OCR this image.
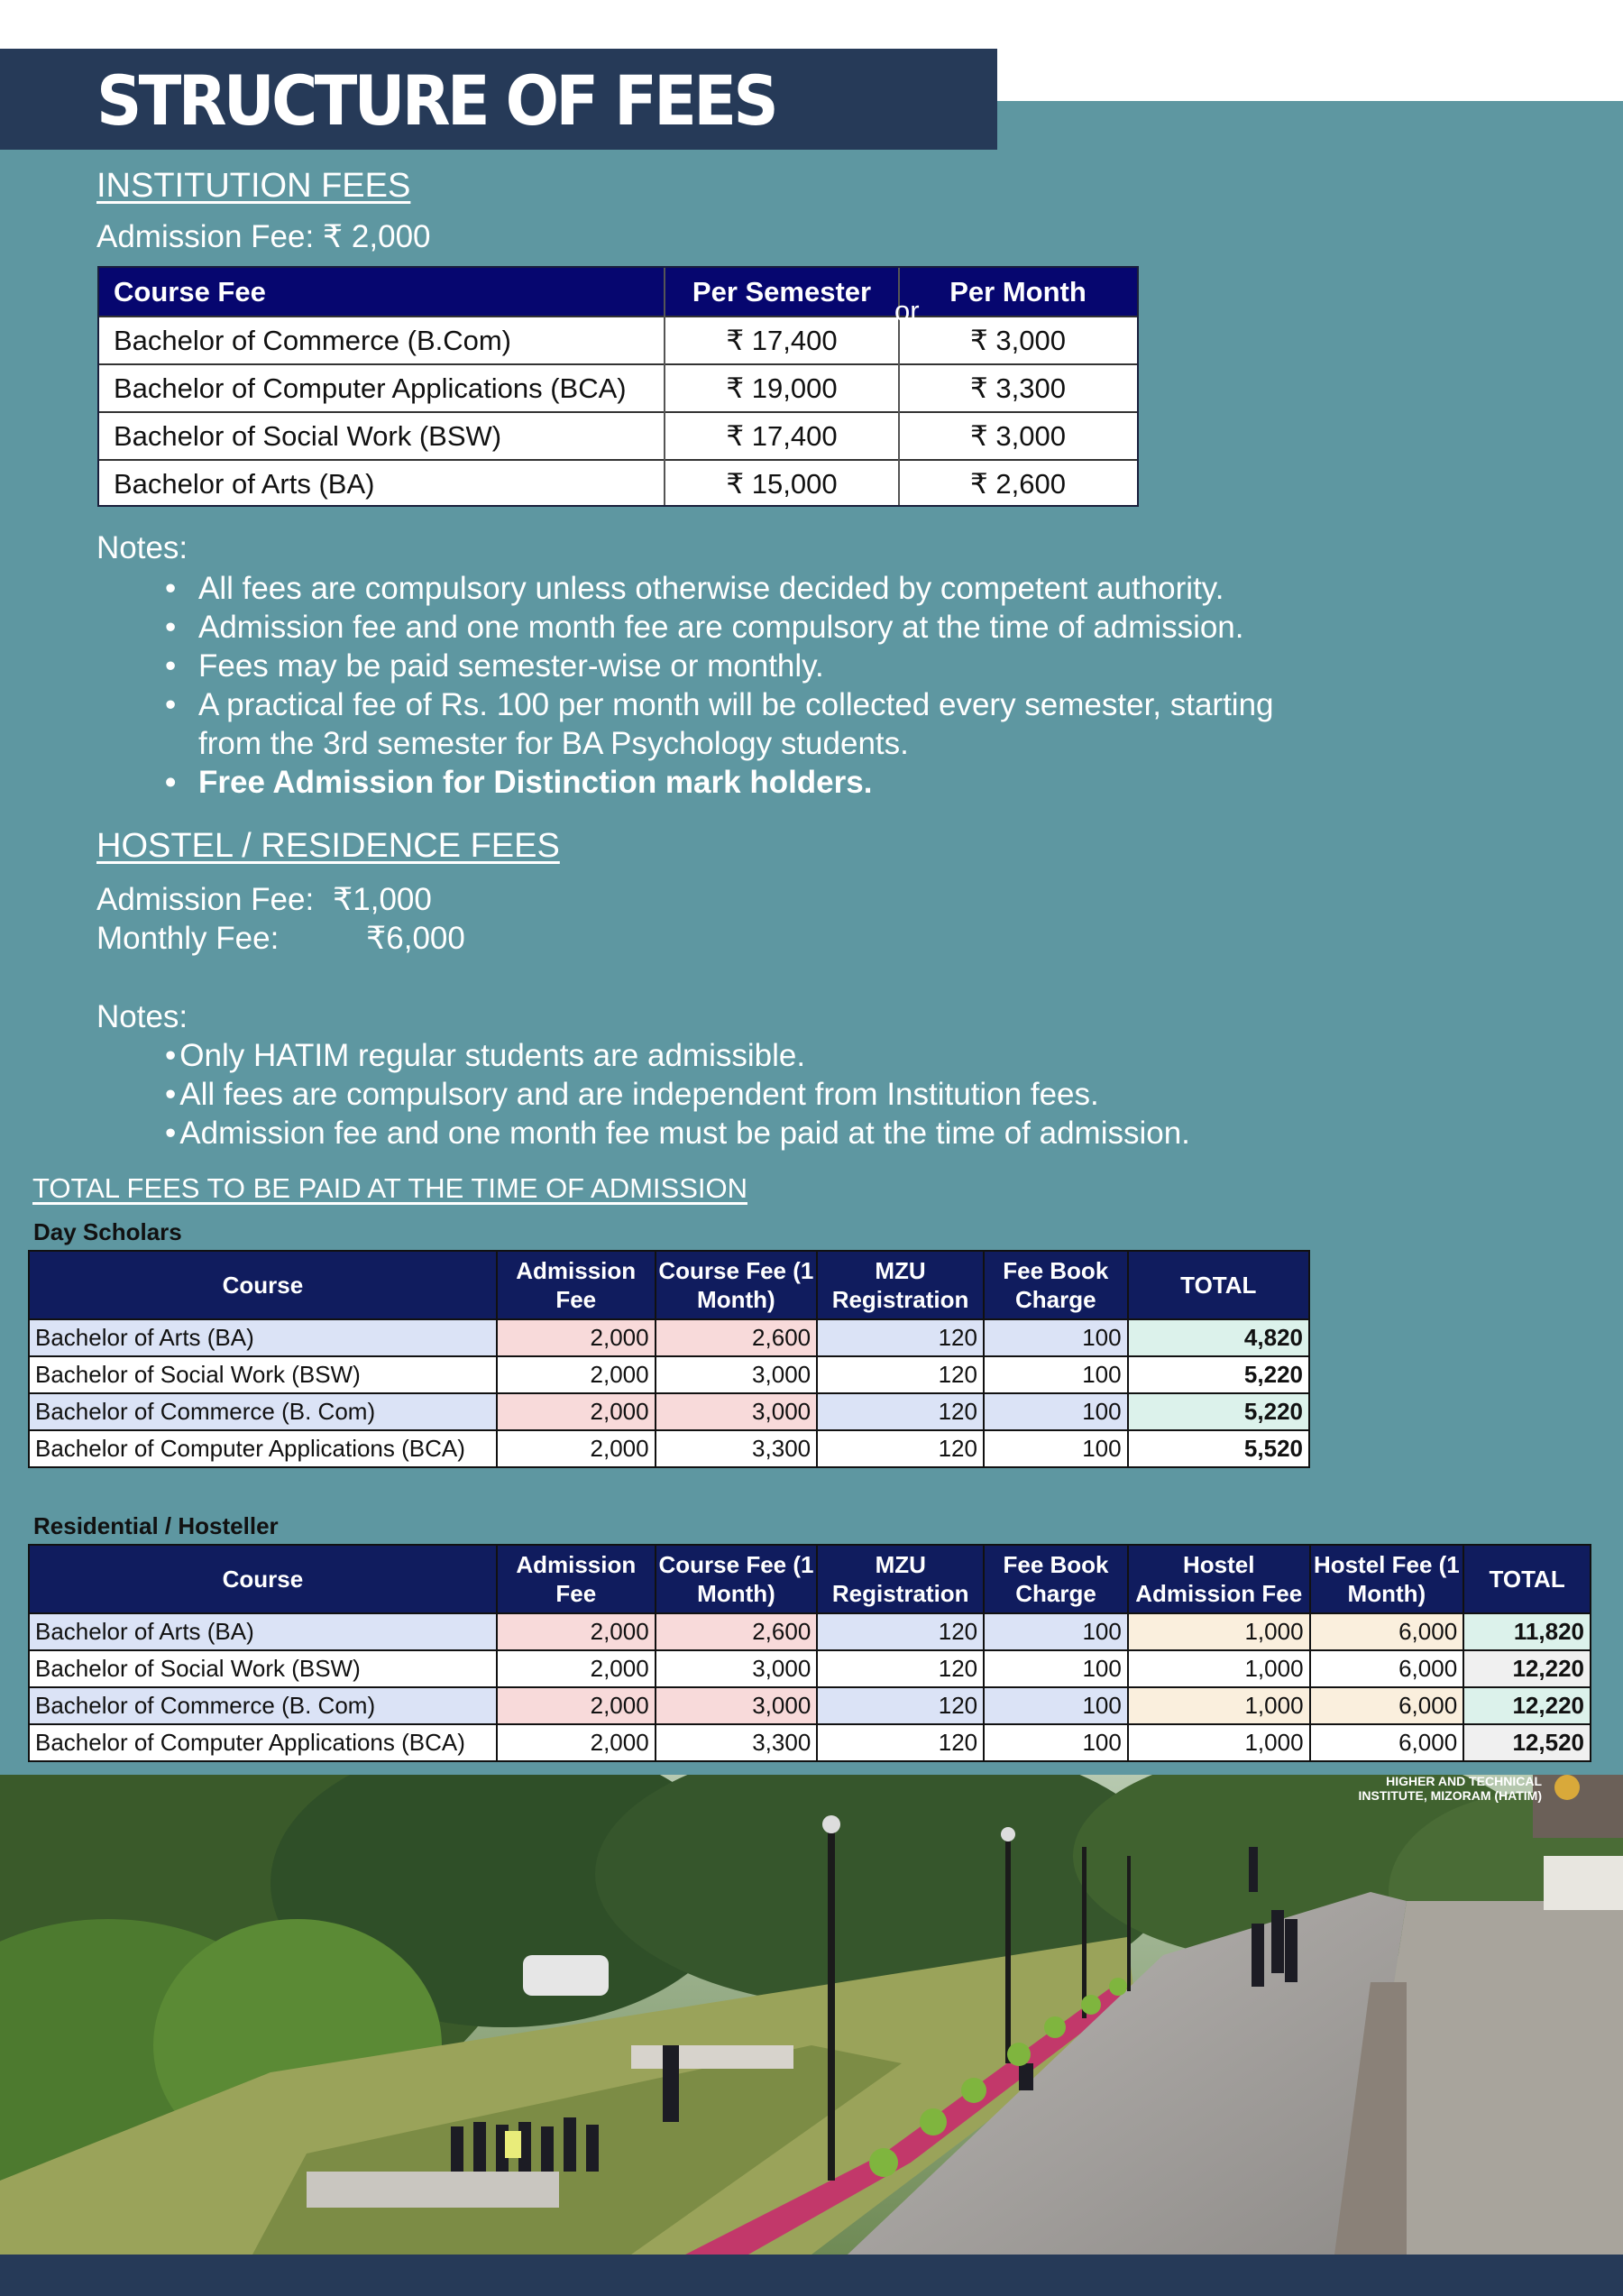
STRUCTURE OF FEES
INSTITUTION FEES
Admission Fee: ₹ 2,000
Course Fee	Per Semester	Per Month
Bachelor of Commerce (B.Com)	₹ 17,400	₹ 3,000
Bachelor of Computer Applications (BCA)	₹ 19,000	₹ 3,300
Bachelor of Social Work (BSW)	₹ 17,400	₹ 3,000
Bachelor of Arts (BA)	₹ 15,000	₹ 2,600
or
Notes:
• All fees are compulsory unless otherwise decided by competent authority.
• Admission fee and one month fee are compulsory at the time of admission.
• Fees may be paid semester-wise or monthly.
• A practical fee of Rs. 100 per month will be collected every semester, starting
from the 3rd semester for BA Psychology students.
• Free Admission for Distinction mark holders.
HOSTEL / RESIDENCE FEES
Admission Fee: ₹1,000
Monthly Fee:	₹6,000
Notes:
• Only HATIM regular students are admissible.
• All fees are compulsory and are independent from Institution fees.
• Admission fee and one month fee must be paid at the time of admission.
TOTAL FEES TO BE PAID AT THE TIME OF ADMISSION
Day Scholars
Course	Admission Fee	Course Fee (1 Month)	MZU Registration	Fee Book Charge	TOTAL
Bachelor of Arts (BA)	2,000	2,600	120	100	4,820
Bachelor of Social Work (BSW)	2,000	3,000	120	100	5,220
Bachelor of Commerce (B. Com)	2,000	3,000	120	100	5,220
Bachelor of Computer Applications (BCA)	2,000	3,300	120	100	5,520
Residential / Hosteller
Course	Admission Fee	Course Fee (1 Month)	MZU Registration	Fee Book Charge	Hostel Admission Fee	Hostel Fee (1 Month)	TOTAL
Bachelor of Arts (BA)	2,000	2,600	120	100	1,000	6,000	11,820
Bachelor of Social Work (BSW)	2,000	3,000	120	100	1,000	6,000	12,220
Bachelor of Commerce (B. Com)	2,000	3,000	120	100	1,000	6,000	12,220
Bachelor of Computer Applications (BCA)	2,000	3,300	120	100	1,000	6,000	12,520
HIGHER AND TECHNICAL
INSTITUTE, MIZORAM (HATIM)
